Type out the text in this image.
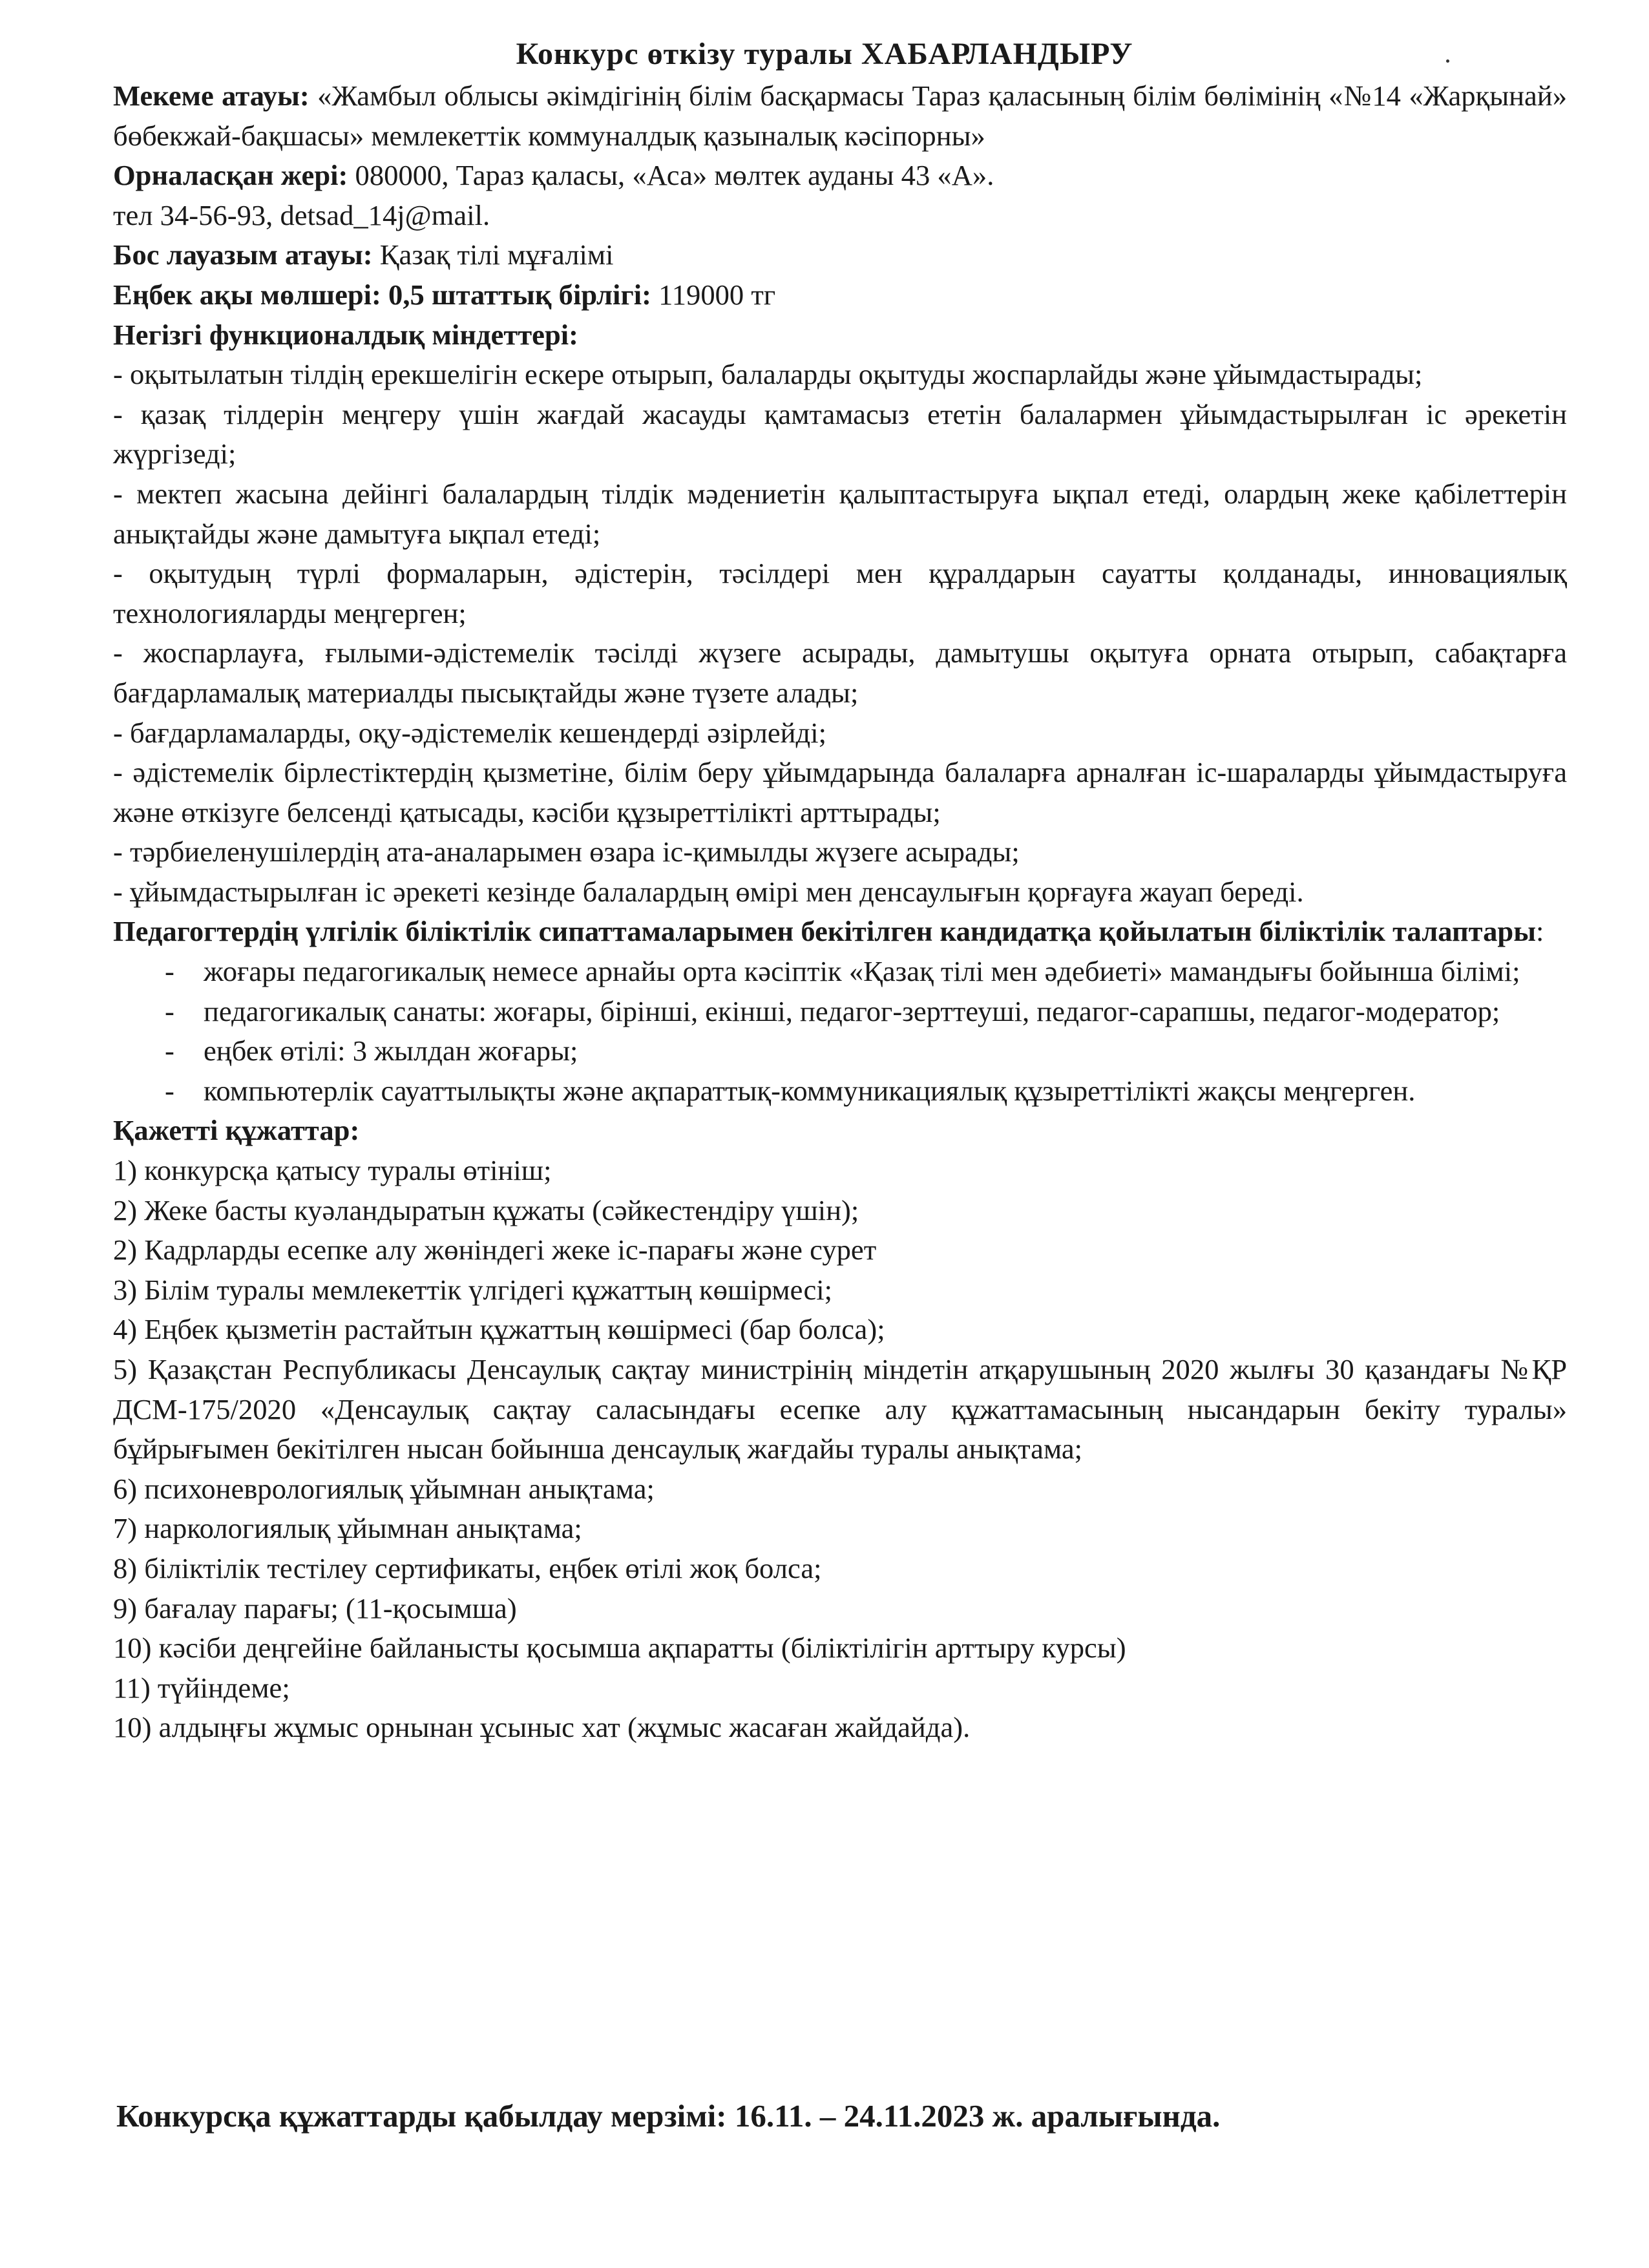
Конкурс өткізу туралы ХАБАРЛАНДЫРУ

Мекеме атауы: «Жамбыл облысы әкімдігінің білім басқармасы Тараз қаласының білім бөлімінің «№14 «Жарқынай» бөбекжай-бақшасы» мемлекеттік коммуналдық қазыналық кәсіпорны»

Орналасқан жері: 080000, Тараз қаласы, «Аса» мөлтек ауданы 43 «А».

тел 34-56-93, detsad_14j@mail.

Бос лауазым атауы: Қазақ тілі мұғалімі

Еңбек ақы мөлшері: 0,5 штаттық бірлігі: 119000 тг

Негізгі функционалдық міндеттері:

- оқытылатын тілдің ерекшелігін ескере отырып, балаларды оқытуды жоспарлайды және ұйымдастырады;

- қазақ тілдерін меңгеру үшін жағдай жасауды қамтамасыз ететін балалармен ұйымдастырылған іс әрекетін жүргізеді;

- мектеп жасына дейінгі балалардың тілдік мәдениетін қалыптастыруға ықпал етеді, олардың жеке қабілеттерін анықтайды және дамытуға ықпал етеді;

- оқытудың түрлі формаларын, әдістерін, тәсілдері мен құралдарын сауатты қолданады, инновациялық технологияларды меңгерген;

- жоспарлауға, ғылыми-әдістемелік тәсілді жүзеге асырады, дамытушы оқытуға орната отырып, сабақтарға бағдарламалық материалды пысықтайды және түзете алады;

- бағдарламаларды, оқу-әдістемелік кешендерді әзірлейді;

- әдістемелік бірлестіктердің қызметіне, білім беру ұйымдарында балаларға арналған іс-шараларды ұйымдастыруға және өткізуге белсенді қатысады, кәсіби құзыреттілікті арттырады;

- тәрбиеленушілердің ата-аналарымен өзара іс-қимылды жүзеге асырады;

- ұйымдастырылған іс әрекеті кезінде балалардың өмірі мен денсаулығын қорғауға жауап береді.

Педагогтердің үлгілік біліктілік сипаттамаларымен бекітілген кандидатқа қойылатын біліктілік талаптары:

-	жоғары педагогикалық немесе арнайы орта кәсіптік «Қазақ тілі мен әдебиеті» мамандығы бойынша білімі;
-	педагогикалық санаты: жоғары, бірінші, екінші, педагог-зерттеуші, педагог-сарапшы, педагог-модератор;
-	еңбек өтілі: 3 жылдан жоғары;
-	компьютерлік сауаттылықты және ақпараттық-коммуникациялық құзыреттілікті жақсы меңгерген.

Қажетті құжаттар:

1) конкурсқа қатысу туралы өтініш;

2) Жеке басты куәландыратын құжаты (сәйкестендіру үшін);

2) Кадрларды есепке алу жөніндегі жеке іс-парағы және сурет

3) Білім туралы мемлекеттік үлгідегі құжаттың көшірмесі;

4) Еңбек қызметін растайтын құжаттың көшірмесі (бар болса);

5) Қазақстан Республикасы Денсаулық сақтау министрінің міндетін атқарушының 2020 жылғы 30 қазандағы №ҚР ДСМ-175/2020 «Денсаулық сақтау саласындағы есепке алу құжаттамасының нысандарын бекіту туралы» бұйрығымен бекітілген нысан бойынша денсаулық жағдайы туралы анықтама;

6) психоневрологиялық ұйымнан анықтама;

7) наркологиялық ұйымнан анықтама;

8) біліктілік тестілеу сертификаты, еңбек өтілі жоқ болса;

9) бағалау парағы; (11-қосымша)

10) кәсіби деңгейіне байланысты қосымша ақпаратты (біліктілігін арттыру курсы)

11) түйіндеме;

10) алдыңғы жұмыс орнынан ұсыныс хат (жұмыс жасаған жайдайда).

Конкурсқа құжаттарды қабылдау мерзімі: 16.11. – 24.11.2023 ж. аралығында.
